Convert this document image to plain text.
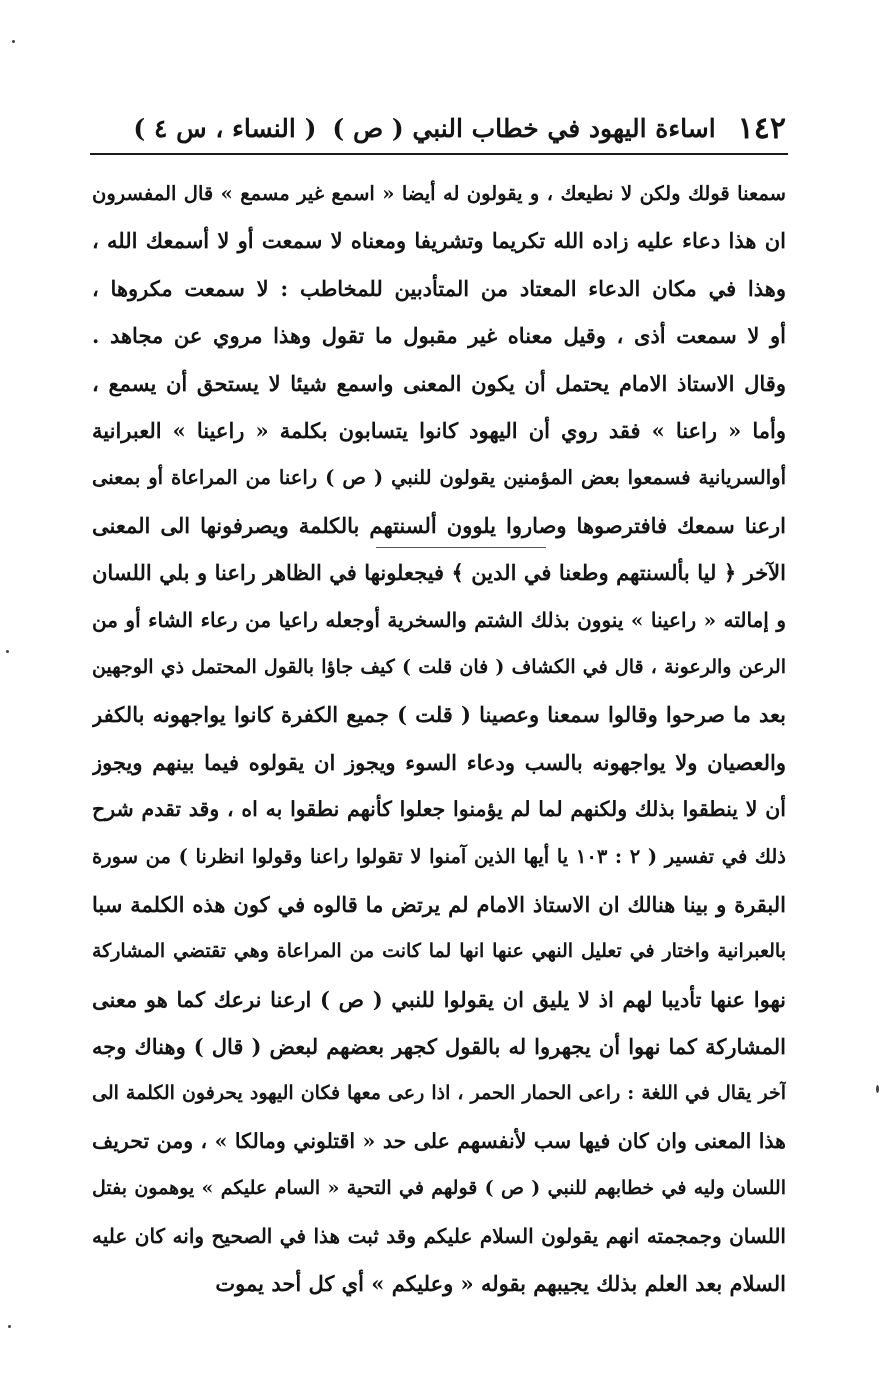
١٤٢
اساءة اليهود في خطاب النبي ( ص )
( النساء ، س ٤ )
سمعنا قولك ولكن لا نطيعك ، و يقولون له أيضا « اسمع غير مسمع » قال المفسرون
ان هذا دعاء عليه زاده الله تكريما وتشريفا ومعناه لا سمعت أو لا أسمعك الله ،
وهذا في مكان الدعاء المعتاد من المتأدبين للمخاطب : لا سمعت مكروها ،
أو لا سمعت أذى ، وقيل معناه غير مقبول ما تقول وهذا مروي عن مجاهد .
وقال الاستاذ الامام يحتمل أن يكون المعنى واسمع شيئا لا يستحق أن يسمع ،
وأما « راعنا » فقد روي أن اليهود كانوا يتسابون بكلمة « راعينا » العبرانية
أوالسريانية فسمعوا بعض المؤمنين يقولون للنبي ( ص ) راعنا من المراعاة أو بمعنى
ارعنا سمعك فافترصوها وصاروا يلوون ألسنتهم بالكلمة ويصرفونها الى المعنى
الآخر ﴿ ليا بألسنتهم وطعنا في الدين ﴾ فيجعلونها في الظاهر راعنا و بلي اللسان
و إمالته « راعينا » ينوون بذلك الشتم والسخرية أوجعله راعيا من رعاء الشاء أو من
الرعن والرعونة ، قال في الكشاف ( فان قلت ) كيف جاؤا بالقول المحتمل ذي الوجهين
بعد ما صرحوا وقالوا سمعنا وعصينا ( قلت ) جميع الكفرة كانوا يواجهونه بالكفر
والعصيان ولا يواجهونه بالسب ودعاء السوء ويجوز ان يقولوه فيما بينهم ويجوز
أن لا ينطقوا بذلك ولكنهم لما لم يؤمنوا جعلوا كأنهم نطقوا به اه ، وقد تقدم شرح
ذلك في تفسير ( ٢ : ١٠٣ يا أيها الذين آمنوا لا تقولوا راعنا وقولوا انظرنا ) من سورة
البقرة و بينا هنالك ان الاستاذ الامام لم يرتض ما قالوه في كون هذه الكلمة سبا
بالعبرانية واختار في تعليل النهي عنها انها لما كانت من المراعاة وهي تقتضي المشاركة
نهوا عنها تأديبا لهم اذ لا يليق ان يقولوا للنبي ( ص ) ارعنا نرعك كما هو معنى
المشاركة كما نهوا أن يجهروا له بالقول كجهر بعضهم لبعض ( قال ) وهناك وجه
آخر يقال في اللغة : راعى الحمار الحمر ، اذا رعى معها فكان اليهود يحرفون الكلمة الى
هذا المعنى وان كان فيها سب لأنفسهم على حد « اقتلوني ومالكا » ، ومن تحريف
اللسان وليه في خطابهم للنبي ( ص ) قولهم في التحية « السام عليكم » يوهمون بفتل
اللسان وجمجمته انهم يقولون السلام عليكم وقد ثبت هذا في الصحيح وانه كان عليه
السلام بعد العلم بذلك يجيبهم بقوله « وعليكم » أي كل أحد يموت
